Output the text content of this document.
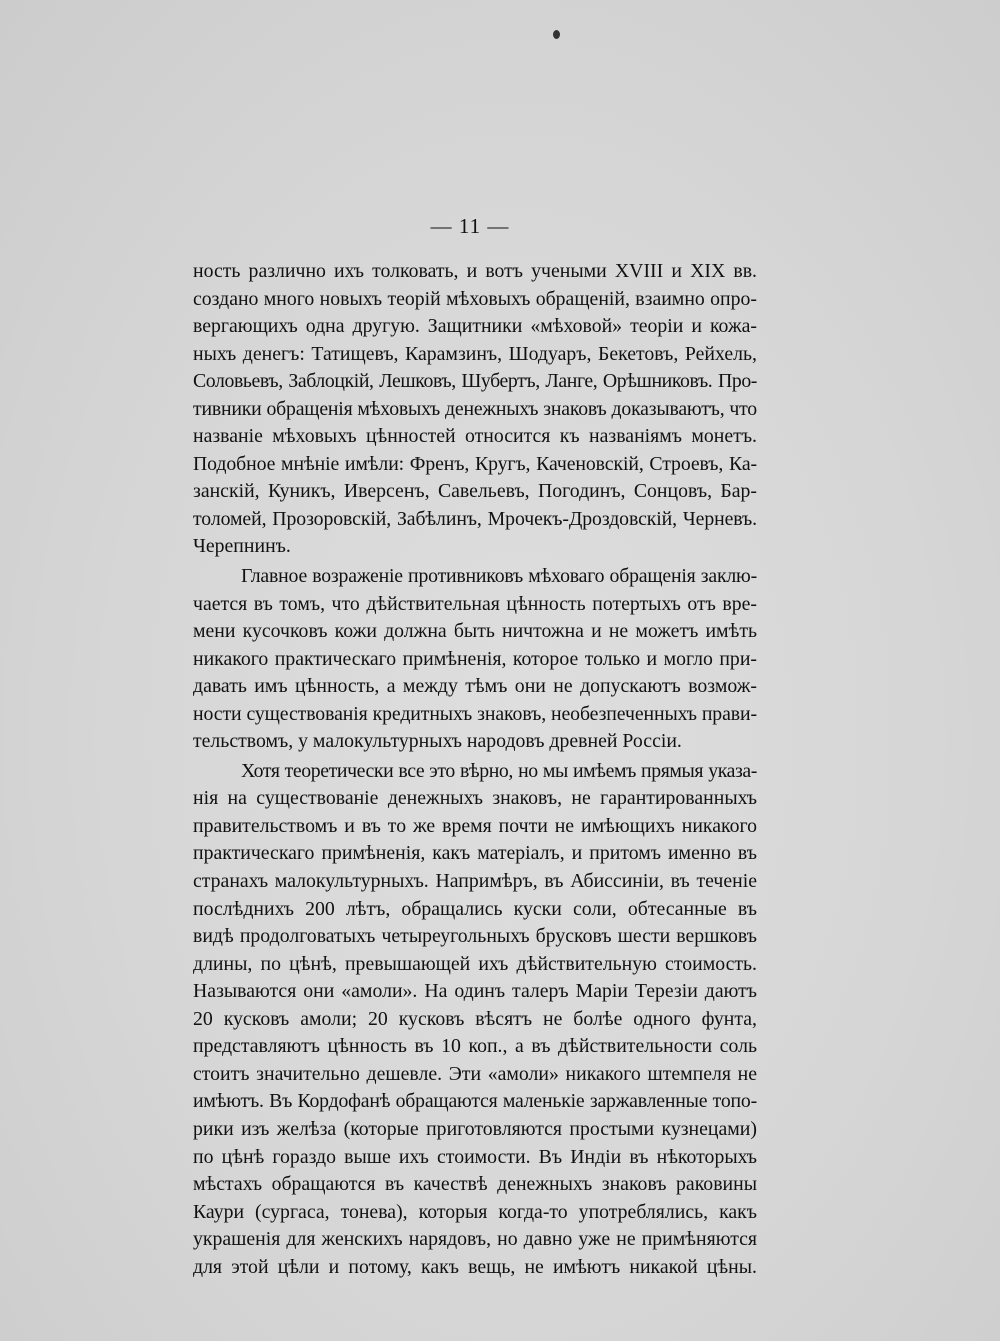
— 11 —
ность различно ихъ толковать, и вотъ учеными XVIII и XIX вв.
создано много новыхъ теорій мѣховыхъ обращеній, взаимно опро-
вергающихъ одна другую. Защитники «мѣховой» теоріи и кожа-
ныхъ денегъ: Татищевъ, Карамзинъ, Шодуаръ, Бекетовъ, Рейхель,
Соловьевъ, Заблоцкій, Лешковъ, Шубертъ, Ланге, Орѣшниковъ. Про-
тивники обращенія мѣховыхъ денежныхъ знаковъ доказываютъ, что
названіе мѣховыхъ цѣнностей относится къ названіямъ монетъ.
Подобное мнѣніе имѣли: Френъ, Кругъ, Каченовскій, Строевъ, Ка-
занскій, Куникъ, Иверсенъ, Савельевъ, Погодинъ, Сонцовъ, Бар-
толомей, Прозоровскій, Забѣлинъ, Мрочекъ-Дроздовскій, Черневъ.
Черепнинъ.
Главное возраженіе противниковъ мѣховаго обращенія заклю-
чается въ томъ, что дѣйствительная цѣнность потертыхъ отъ вре-
мени кусочковъ кожи должна быть ничтожна и не можетъ имѣть
никакого практическаго примѣненія, которое только и могло при-
давать имъ цѣнность, а между тѣмъ они не допускаютъ возмож-
ности существованія кредитныхъ знаковъ, необезпеченныхъ прави-
тельствомъ, у малокультурныхъ народовъ древней Россіи.
Хотя теоретически все это вѣрно, но мы имѣемъ прямыя указа-
нія на существованіе денежныхъ знаковъ, не гарантированныхъ
правительствомъ и въ то же время почти не имѣющихъ никакого
практическаго примѣненія, какъ матеріалъ, и притомъ именно въ
странахъ малокультурныхъ. Напримѣръ, въ Абиссиніи, въ теченіе
послѣднихъ 200 лѣтъ, обращались куски соли, обтесанные въ
видѣ продолговатыхъ четыреугольныхъ брусковъ шести вершковъ
длины, по цѣнѣ, превышающей ихъ дѣйствительную стоимость.
Называются они «амоли». На одинъ талеръ Маріи Терезіи даютъ
20 кусковъ амоли; 20 кусковъ вѣсятъ не болѣе одного фунта,
представляютъ цѣнность въ 10 коп., а въ дѣйствительности соль
стоитъ значительно дешевле. Эти «амоли» никакого штемпеля не
имѣютъ. Въ Кордофанѣ обращаются маленькіе заржавленные топо-
рики изъ желѣза (которые приготовляются простыми кузнецами)
по цѣнѣ гораздо выше ихъ стоимости. Въ Индіи въ нѣкоторыхъ
мѣстахъ обращаются въ качествѣ денежныхъ знаковъ раковины
Каури (сургаса, тонева), которыя когда-то употреблялись, какъ
украшенія для женскихъ нарядовъ, но давно уже не примѣняются
для этой цѣли и потому, какъ вещь, не имѣютъ никакой цѣны.
